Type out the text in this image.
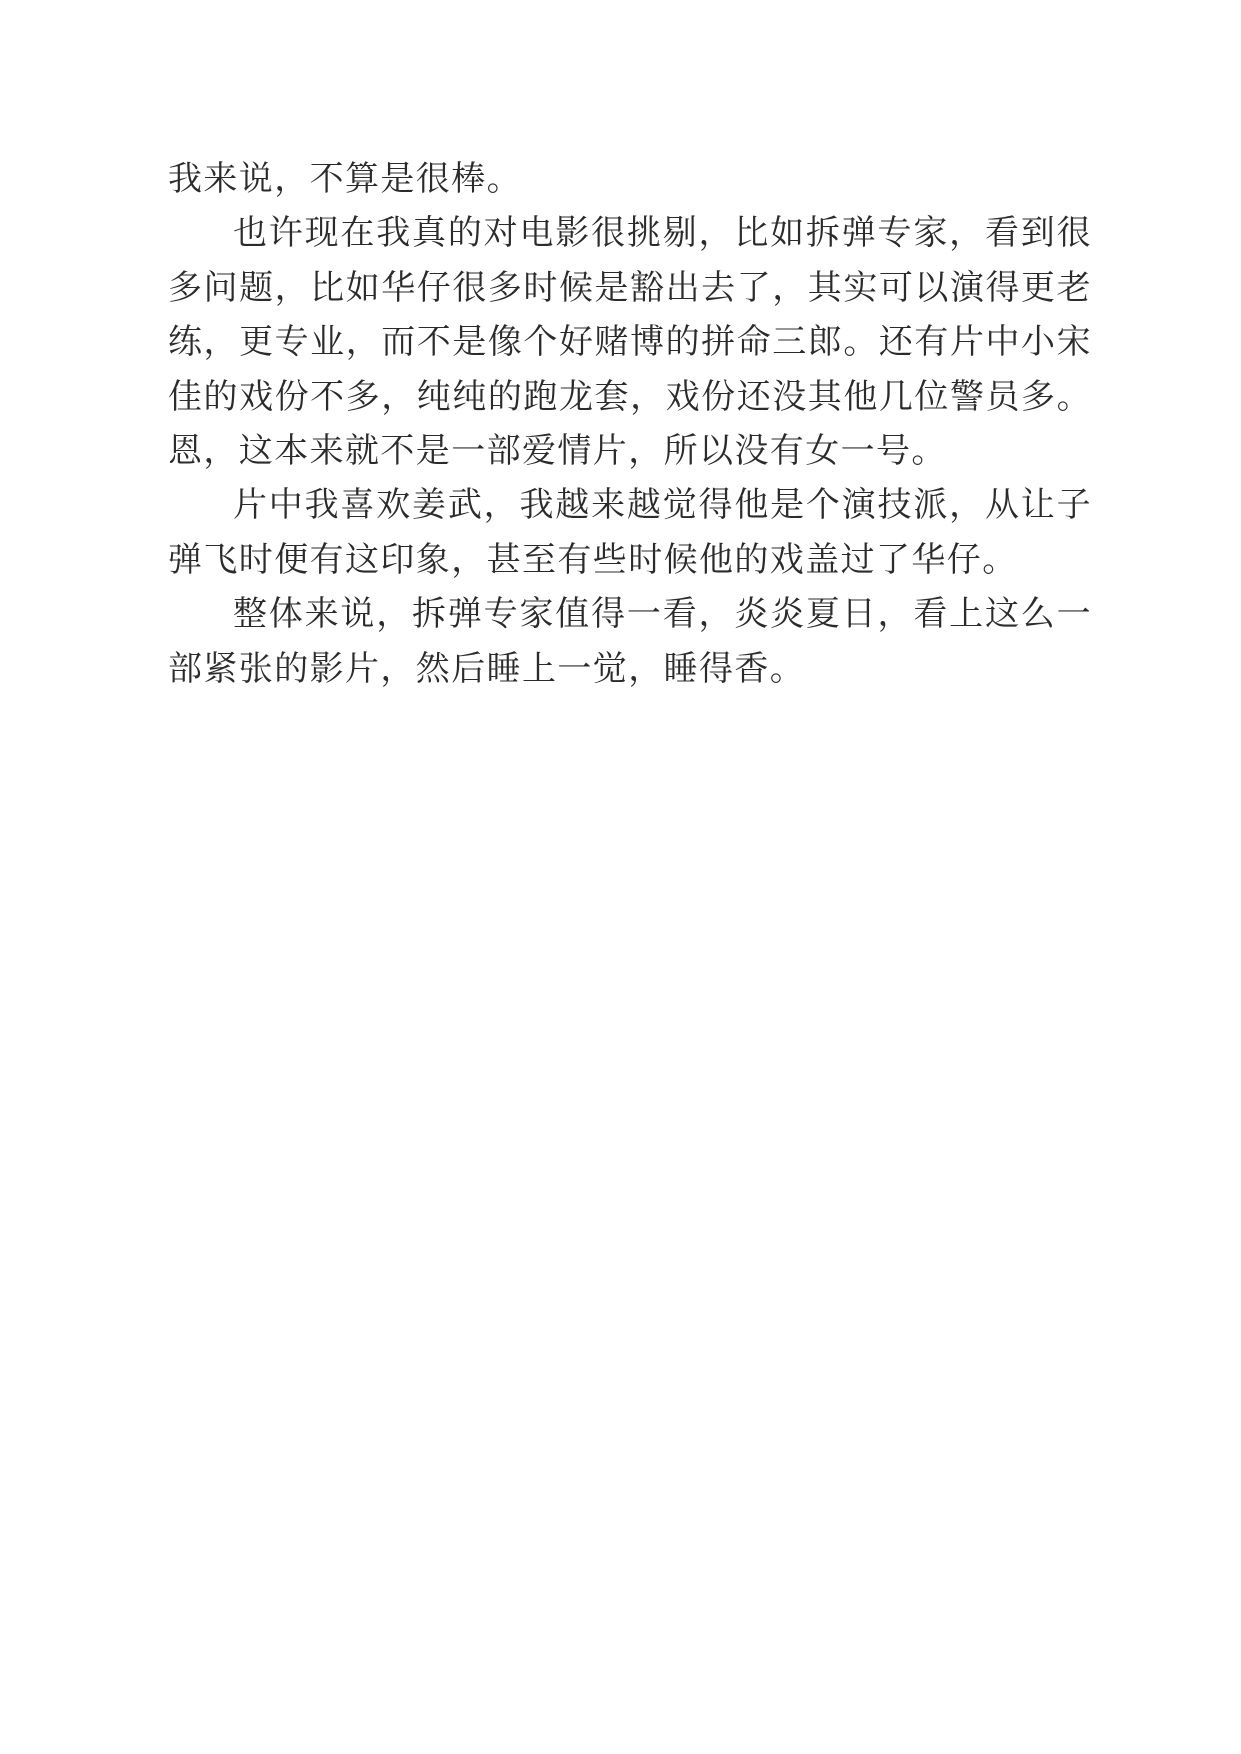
我来说，不算是很棒。

也许现在我真的对电影很挑剔，比如拆弹专家，看到很多问题，比如华仔很多时候是豁出去了，其实可以演得更老练，更专业，而不是像个好赌博的拼命三郎。还有片中小宋佳的戏份不多，纯纯的跑龙套，戏份还没其他几位警员多。恩，这本来就不是一部爱情片，所以没有女一号。

片中我喜欢姜武，我越来越觉得他是个演技派，从让子弹飞时便有这印象，甚至有些时候他的戏盖过了华仔。

整体来说，拆弹专家值得一看，炎炎夏日，看上这么一部紧张的影片，然后睡上一觉，睡得香。
